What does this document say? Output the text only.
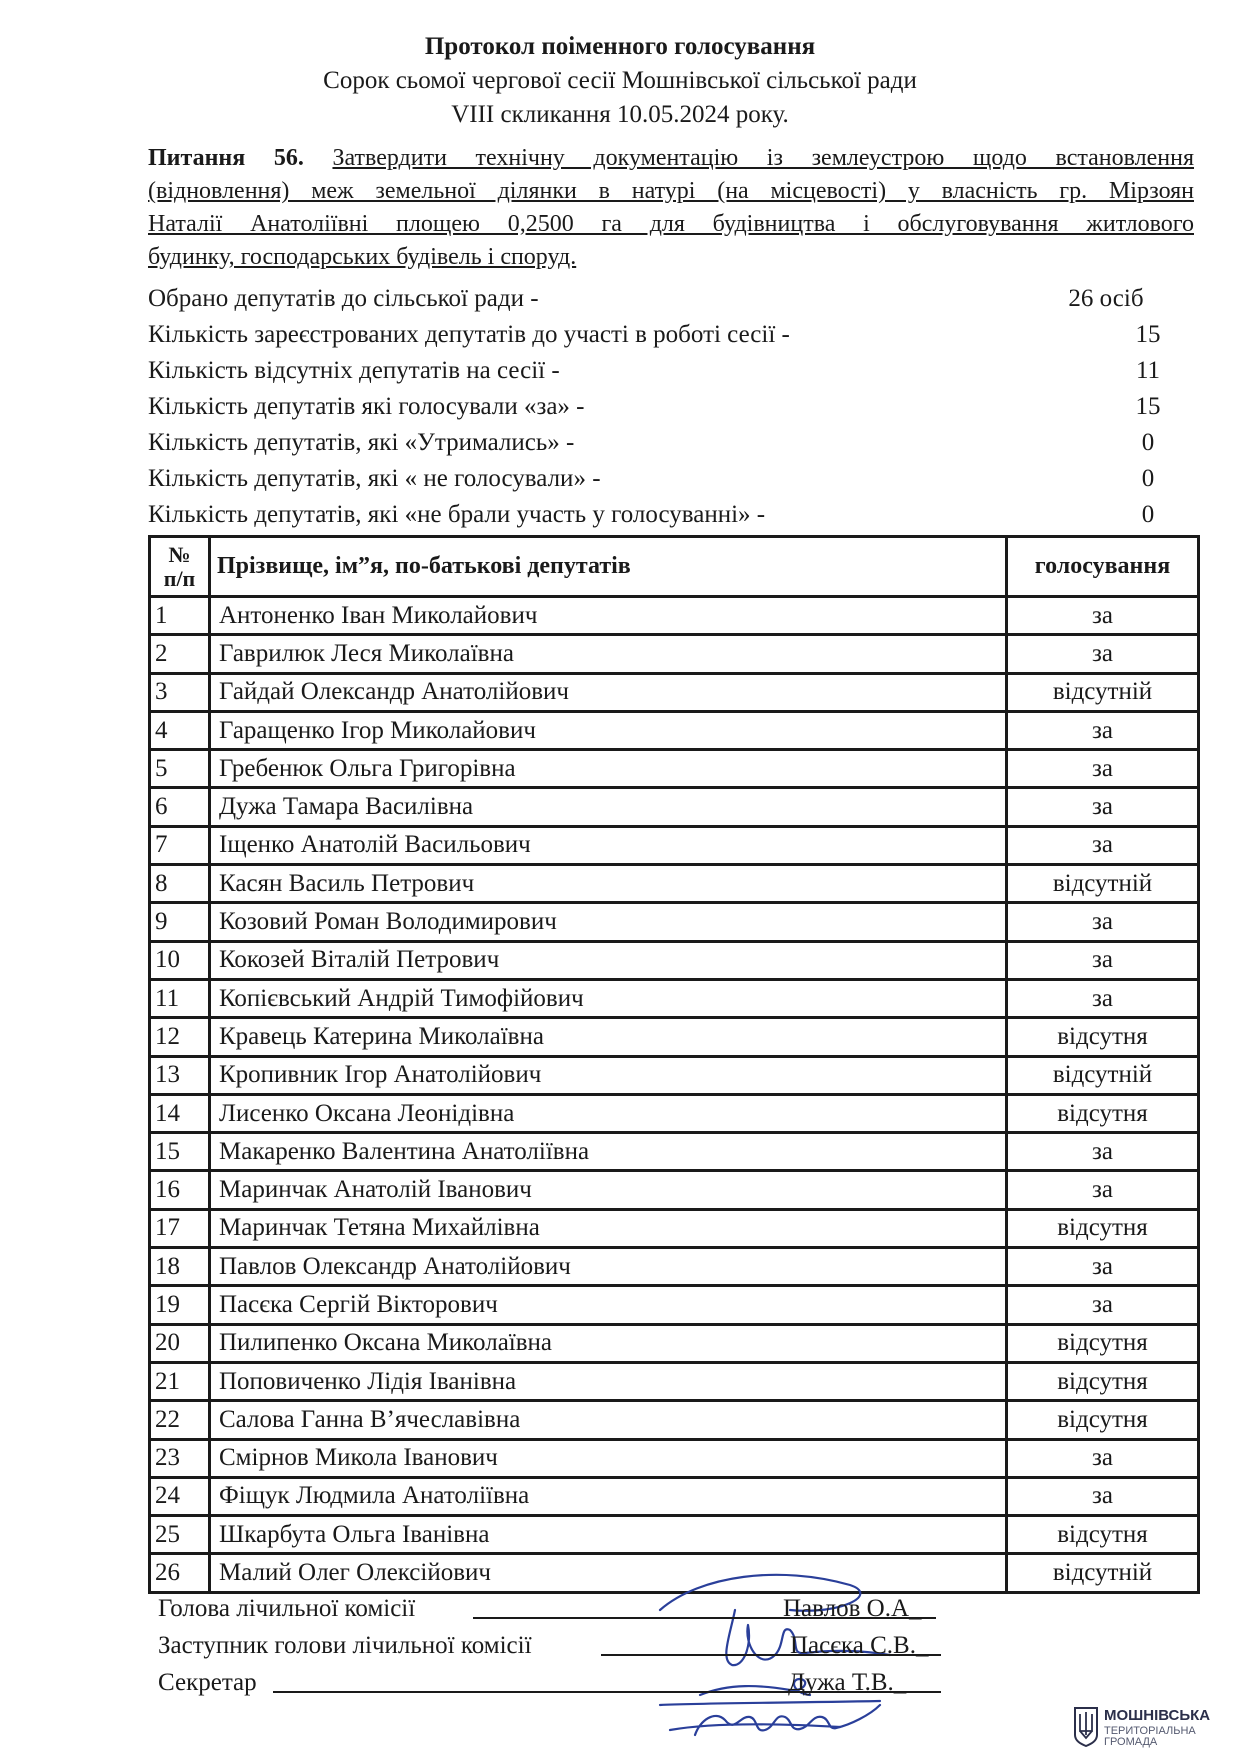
Протокол поіменного голосування
Сорок сьомої чергової сесії Мошнівської сільської ради
VIII скликання 10.05.2024 року.
Питання 56. Затвердити технічну документацію із землеустрою щодо встановлення
(відновлення) меж земельної ділянки в натурі (на місцевості) у власність гр. Мірзоян
Наталії Анатоліївні площею 0,2500 га для будівництва і обслуговування житлового
будинку, господарських будівель і споруд.
Обрано депутатів до сільської ради -	26 осіб
Кількість зареєстрованих депутатів до участі в роботі сесії -	15
Кількість відсутніх депутатів на сесії -	11
Кількість депутатів які голосували «за» -	15
Кількість депутатів, які «Утримались» -	0
Кількість депутатів, які « не голосували» -	0
Кількість депутатів, які «не брали участь у голосуванні» -	0
№
п/п	Прізвище, ім”я, по-батькові депутатів	голосування
1	Антоненко Іван Миколайович	за
2	Гаврилюк Леся Миколаївна	за
3	Гайдай Олександр Анатолійович	відсутній
4	Гаращенко Ігор Миколайович	за
5	Гребенюк Ольга Григорівна	за
6	Дужа Тамара Василівна	за
7	Іщенко Анатолій Васильович	за
8	Касян Василь Петрович	відсутній
9	Козовий Роман Володимирович	за
10	Кокозей Віталій Петрович	за
11	Копієвський Андрій Тимофійович	за
12	Кравець Катерина Миколаївна	відсутня
13	Кропивник Ігор Анатолійович	відсутній
14	Лисенко Оксана Леонідівна	відсутня
15	Макаренко Валентина Анатоліївна	за
16	Маринчак Анатолій Іванович	за
17	Маринчак Тетяна Михайлівна	відсутня
18	Павлов Олександр Анатолійович	за
19	Пасєка Сергій Вікторович	за
20	Пилипенко Оксана Миколаївна	відсутня
21	Поповиченко Лідія Іванівна	відсутня
22	Салова Ганна В’ячеславівна	відсутня
23	Смірнов Микола Іванович	за
24	Фіщук Людмила Анатоліївна	за
25	Шкарбута Ольга Іванівна	відсутня
26	Малий Олег Олексійович	відсутній
Голова лічильної комісії	Павлов О.А_
Заступник голови лічильної комісії	Пасєка С.В._
Секретар	Дужа Т.В._
МОШНІВСЬКА
ТЕРИТОРІАЛЬНА
ГРОМАДА
